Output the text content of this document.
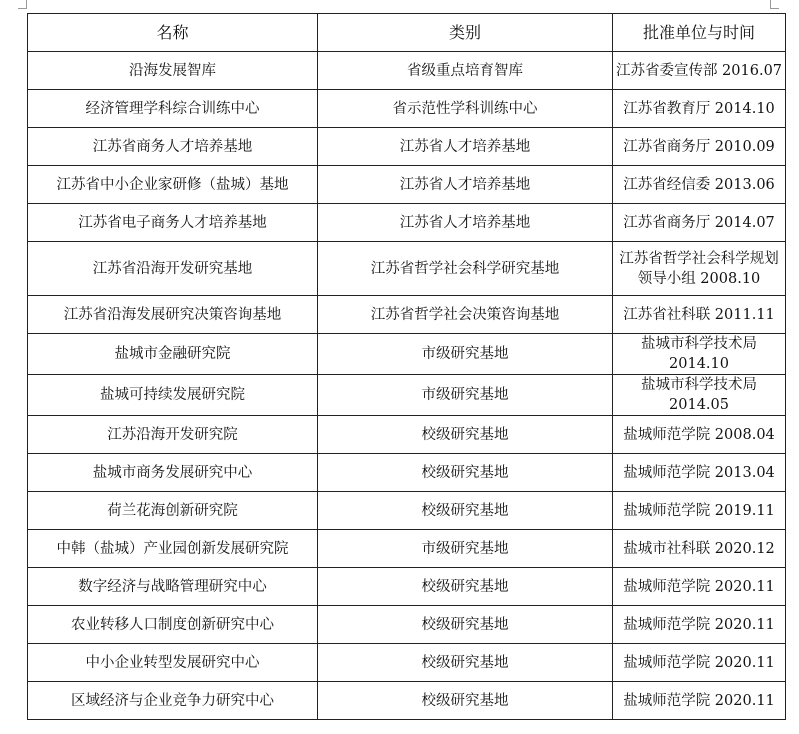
名称	类别	批准单位与时间
沿海发展智库	省级重点培育智库	江苏省委宣传部 2016.07
经济管理学科综合训练中心	省示范性学科训练中心	江苏省教育厅 2014.10
江苏省商务人才培养基地	江苏省人才培养基地	江苏省商务厅 2010.09
江苏省中小企业家研修（盐城）基地	江苏省人才培养基地	江苏省经信委 2013.06
江苏省电子商务人才培养基地	江苏省人才培养基地	江苏省商务厅 2014.07
江苏省沿海开发研究基地	江苏省哲学社会科学研究基地	江苏省哲学社会科学规划领导小组 2008.10
江苏省沿海发展研究决策咨询基地	江苏省哲学社会决策咨询基地	江苏省社科联 2011.11
盐城市金融研究院	市级研究基地	盐城市科学技术局 2014.10
盐城可持续发展研究院	市级研究基地	盐城市科学技术局 2014.05
江苏沿海开发研究院	校级研究基地	盐城师范学院 2008.04
盐城市商务发展研究中心	校级研究基地	盐城师范学院 2013.04
荷兰花海创新研究院	校级研究基地	盐城师范学院 2019.11
中韩（盐城）产业园创新发展研究院	市级研究基地	盐城市社科联 2020.12
数字经济与战略管理研究中心	校级研究基地	盐城师范学院 2020.11
农业转移人口制度创新研究中心	校级研究基地	盐城师范学院 2020.11
中小企业转型发展研究中心	校级研究基地	盐城师范学院 2020.11
区域经济与企业竞争力研究中心	校级研究基地	盐城师范学院 2020.11
